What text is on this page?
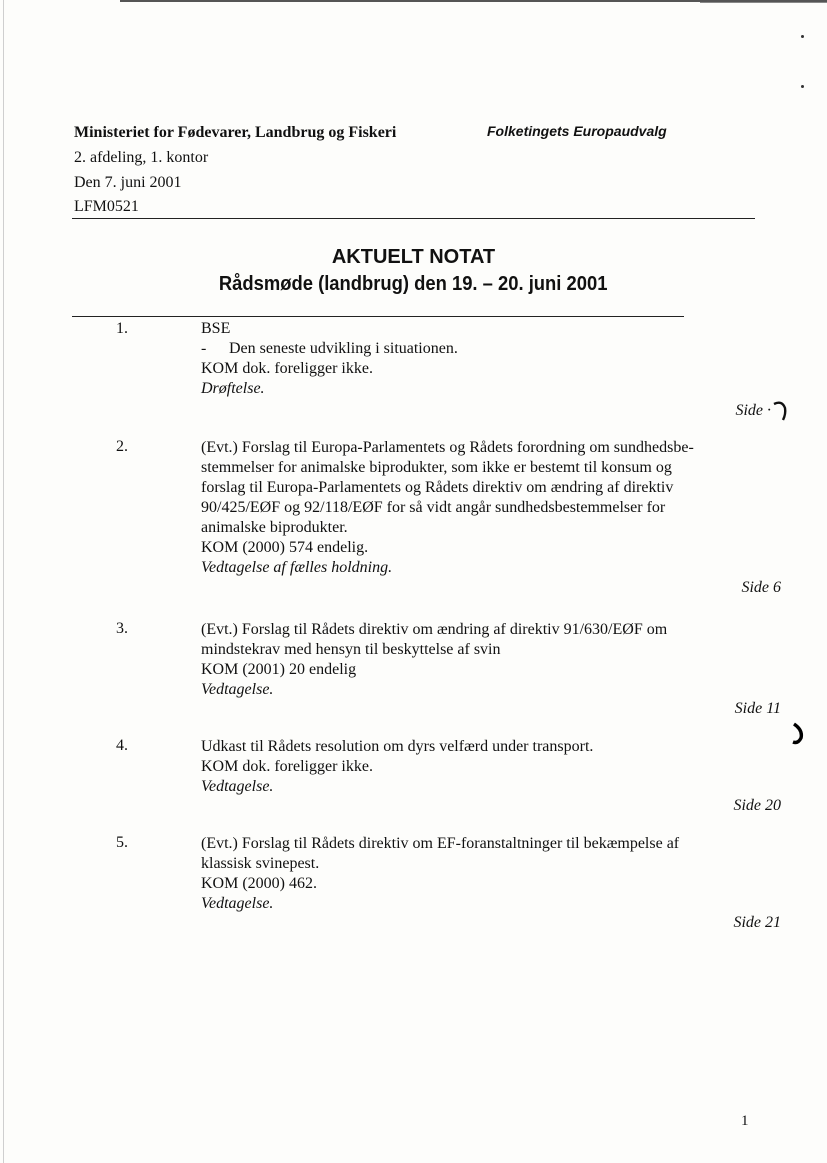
Ministeriet for Fødevarer, Landbrug og Fiskeri	Folketingets Europaudvalg
2. afdeling, 1. kontor
Den 7. juni 2001
LFM0521
AKTUELT NOTAT
Rådsmøde (landbrug) den 19. – 20. juni 2001
1.	BSE
- Den seneste udvikling i situationen.
KOM dok. foreligger ikke.
Drøftelse.
Side ·
2.	(Evt.) Forslag til Europa-Parlamentets og Rådets forordning om sundhedsbe-
stemmelser for animalske biprodukter, som ikke er bestemt til konsum og
forslag til Europa-Parlamentets og Rådets direktiv om ændring af direktiv
90/425/EØF og 92/118/EØF for så vidt angår sundhedsbestemmelser for
animalske biprodukter.
KOM (2000) 574 endelig.
Vedtagelse af fælles holdning.
Side 6
3.	(Evt.) Forslag til Rådets direktiv om ændring af direktiv 91/630/EØF om
mindstekrav med hensyn til beskyttelse af svin
KOM (2001) 20 endelig
Vedtagelse.
Side 11
4.	Udkast til Rådets resolution om dyrs velfærd under transport.
KOM dok. foreligger ikke.
Vedtagelse.
Side 20
5.	(Evt.) Forslag til Rådets direktiv om EF-foranstaltninger til bekæmpelse af
klassisk svinepest.
KOM (2000) 462.
Vedtagelse.
Side 21
1
